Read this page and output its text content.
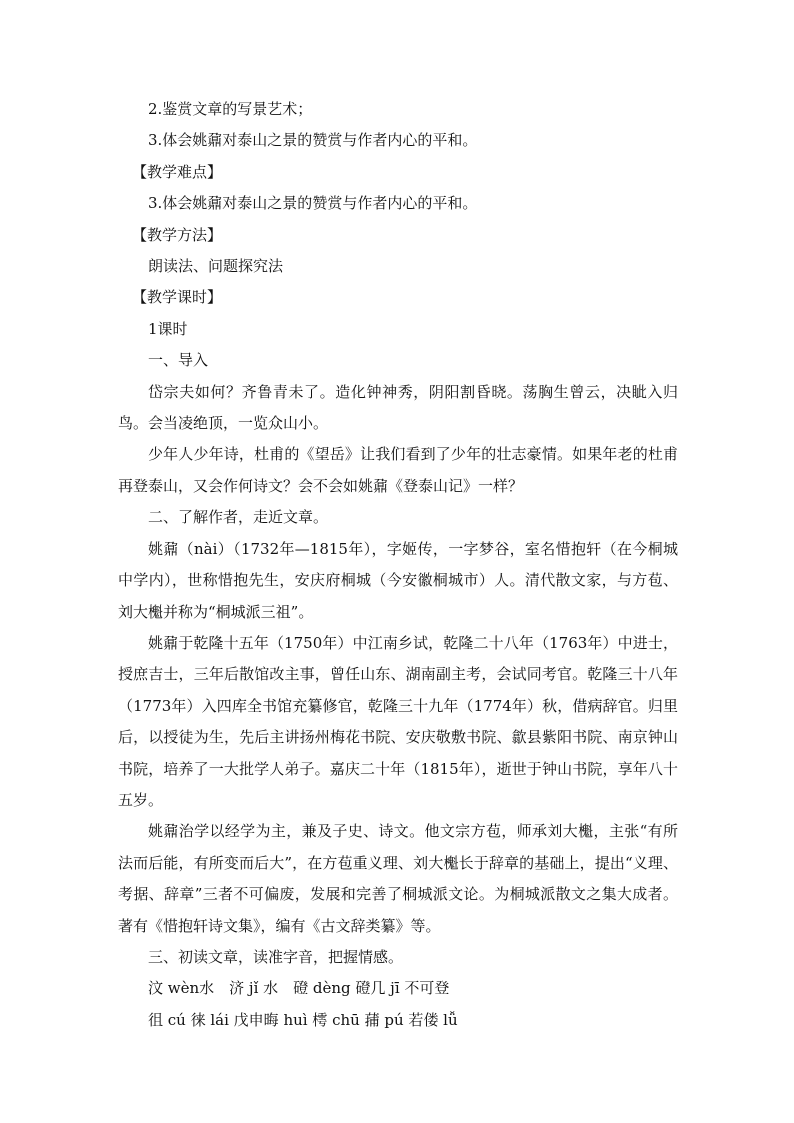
2.鉴赏文章的写景艺术；
3.体会姚鼐对泰山之景的赞赏与作者内心的平和。
【教学难点】
3.体会姚鼐对泰山之景的赞赏与作者内心的平和。
【教学方法】
朗读法、问题探究法
【教学课时】
1课时
一、导入

岱宗夫如何？齐鲁青未了。造化钟神秀，阴阳割昏晓。荡胸生曾云，决眦入归鸟。会当凌绝顶，一览众山小。

少年人少年诗，杜甫的《望岳》让我们看到了少年的壮志豪情。如果年老的杜甫再登泰山，又会作何诗文？会不会如姚鼐《登泰山记》一样？

二、了解作者，走近文章。

姚鼐（nài）（1732年—1815年），字姬传，一字梦谷，室名惜抱轩（在今桐城中学内），世称惜抱先生，安庆府桐城（今安徽桐城市）人。清代散文家，与方苞、刘大櫆并称为“桐城派三祖”。

姚鼐于乾隆十五年（1750年）中江南乡试，乾隆二十八年（1763年）中进士，授庶吉士，三年后散馆改主事，曾任山东、湖南副主考，会试同考官。乾隆三十八年（1773年）入四库全书馆充纂修官，乾隆三十九年（1774年）秋，借病辞官。归里后，以授徒为生，先后主讲扬州梅花书院、安庆敬敷书院、歙县紫阳书院、南京钟山书院，培养了一大批学人弟子。嘉庆二十年（1815年），逝世于钟山书院，享年八十五岁。

姚鼐治学以经学为主，兼及子史、诗文。他文宗方苞，师承刘大櫆，主张“有所法而后能，有所变而后大”，在方苞重义理、刘大櫆长于辞章的基础上，提出“义理、考据、辞章”三者不可偏废，发展和完善了桐城派文论。为桐城派散文之集大成者。著有《惜抱轩诗文集》，编有《古文辞类纂》等。

三、初读文章，读准字音，把握情感。
汶 wèn水　济 jǐ 水　磴 dèng 磴几 jī 不可登
徂 cú 徕 lái 戊申晦 huì 樗 chū 蒱 pú 若偻 lǚ
